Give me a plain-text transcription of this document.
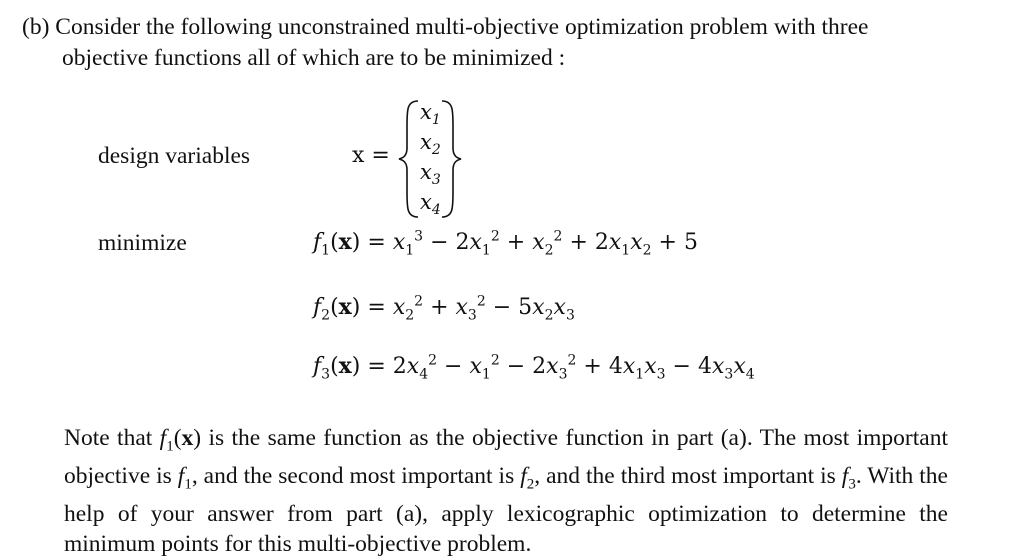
(b) Consider the following unconstrained multi-objective optimization problem with three
objective functions all of which are to be minimized :
design variables
minimize
x =
$x_1$
$x_2$
$x_3$
$x_4$
$f_1(x) = x_1^3 - 2x_1^2 + x_2^2 + 2x_1x_2 + 5$
$f_2(x) = x_2^2 + x_3^2 - 5x_2x_3$
$f_3(x) = 2x_4^2 - x_1^2 - 2x_3^2 + 4x_1x_3 - 4x_3x_4$
Note that $f_1(x)$ is the same function as the objective function in part (a). The most important objective is $f_1$, and the second most important is $f_2$, and the third most important is $f_3$. With the help of your answer from part (a), apply lexicographic optimization to determine the minimum points for this multi-objective problem.
